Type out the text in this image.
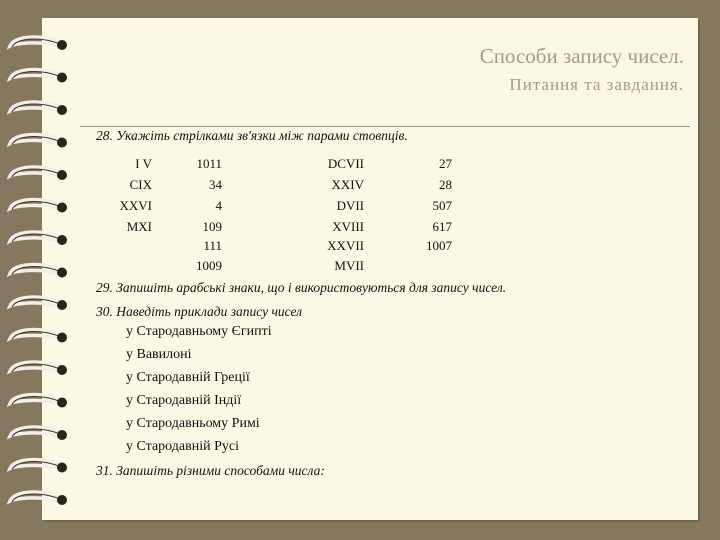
Способи запису чисел.
Питання та завдання.
28. Укажіть стрілками зв'язки між парами стовпців.
I V
CIX
XXVI
MXI
1011
34
4
109
111
1009
DCVII
XXIV
DVII
XVIII
XXVII
MVII
27
28
507
617
1007
29. Запишіть арабські знаки, що і використовуються для запису чисел.
30. Наведіть приклади запису чисел
у Стародавньому Єгипті
у Вавилоні
у Стародавній Греції
у Стародавній Індії
у Стародавньому Римі
у Стародавній Русі
31. Запишіть різними способами числа:
